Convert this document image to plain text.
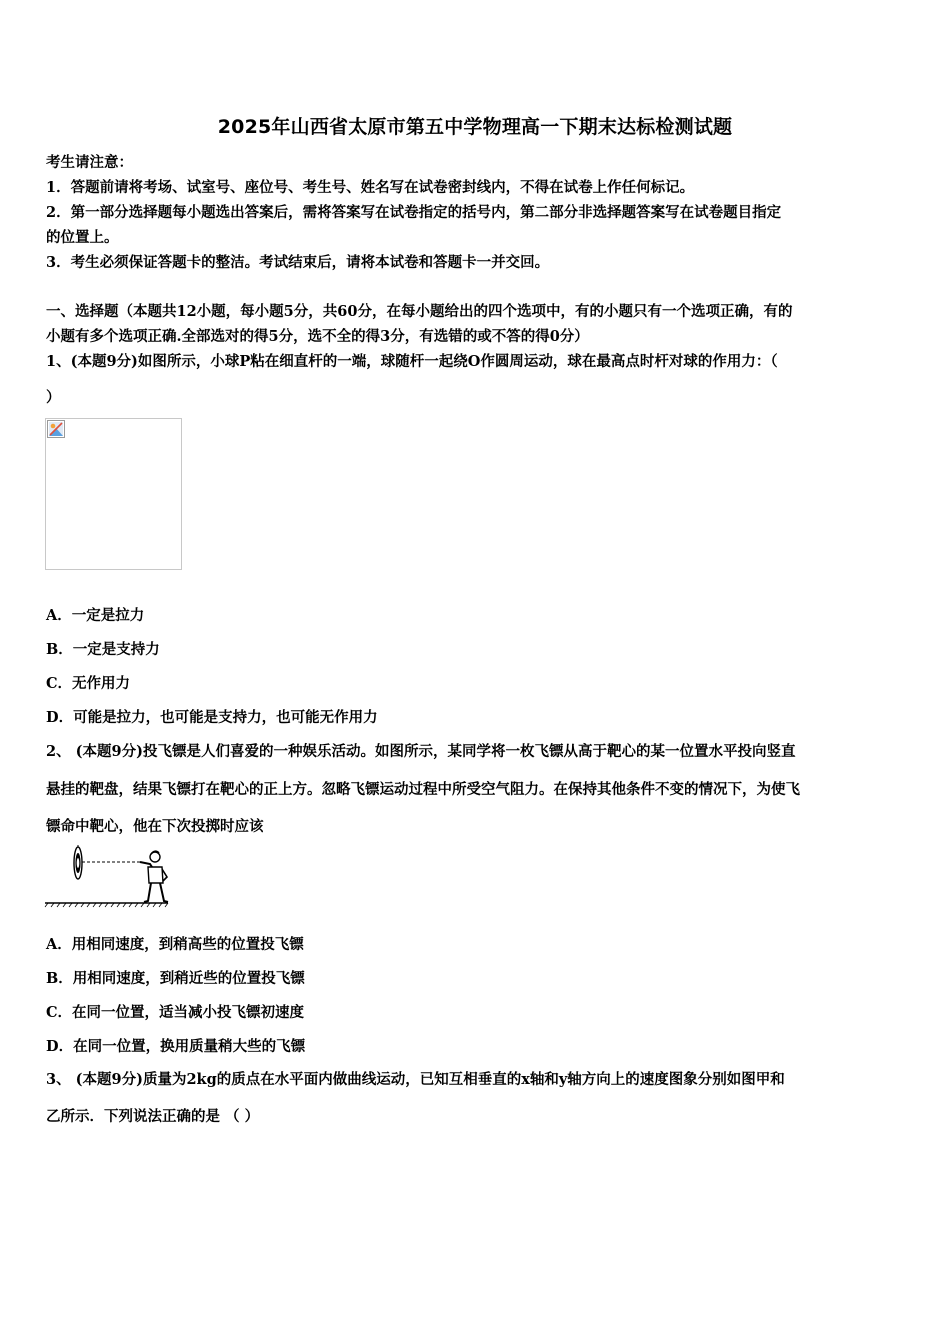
2025年山西省太原市第五中学物理高一下期末达标检测试题
考生请注意：
1．答题前请将考场、试室号、座位号、考生号、姓名写在试卷密封线内，不得在试卷上作任何标记。
2．第一部分选择题每小题选出答案后，需将答案写在试卷指定的括号内，第二部分非选择题答案写在试卷题目指定
的位置上。
3．考生必须保证答题卡的整洁。考试结束后，请将本试卷和答题卡一并交回。
一、选择题（本题共12小题，每小题5分，共60分，在每小题给出的四个选项中，有的小题只有一个选项正确，有的
小题有多个选项正确.全部选对的得5分，选不全的得3分，有选错的或不答的得0分）
1、(本题9分)如图所示，小球P粘在细直杆的一端，球随杆一起绕O作圆周运动，球在最高点时杆对球的作用力：（
）
A．一定是拉力
B．一定是支持力
C．无作用力
D．可能是拉力，也可能是支持力，也可能无作用力
2、 (本题9分)投飞镖是人们喜爱的一种娱乐活动。如图所示，某同学将一枚飞镖从高于靶心的某一位置水平投向竖直
悬挂的靶盘，结果飞镖打在靶心的正上方。忽略飞镖运动过程中所受空气阻力。在保持其他条件不变的情况下，为使飞
镖命中靶心，他在下次投掷时应该
A．用相同速度，到稍高些的位置投飞镖
B．用相同速度，到稍近些的位置投飞镖
C．在同一位置，适当减小投飞镖初速度
D．在同一位置，换用质量稍大些的飞镖
3、 (本题9分)质量为2kg的质点在水平面内做曲线运动，已知互相垂直的x轴和y轴方向上的速度图象分别如图甲和
乙所示．下列说法正确的是 （ ）
